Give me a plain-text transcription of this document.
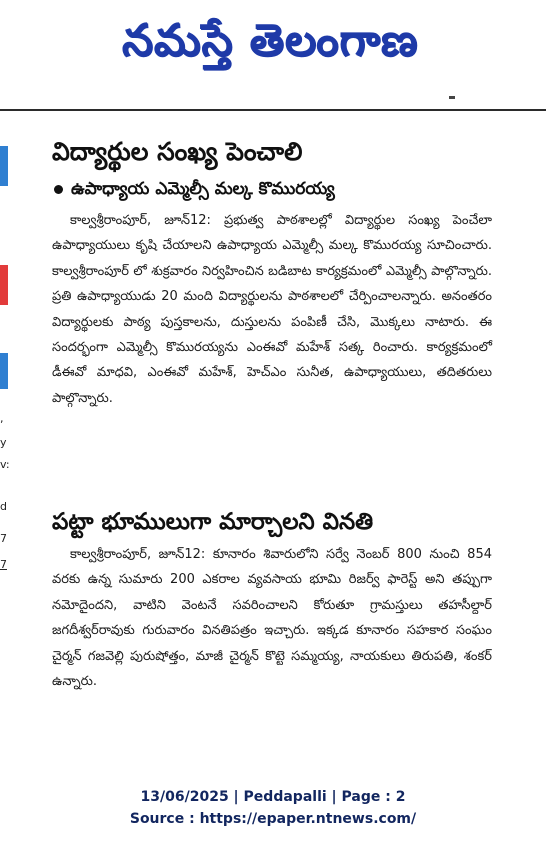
నమస్తే తెలంగాణ
,
y
v:
d
7
7
విద్యార్థుల సంఖ్య పెంచాలి
ఉపాధ్యాయ ఎమ్మెల్సీ మల్క కొమురయ్య

కాల్వశ్రీరాంపూర్, జూన్12: ప్రభుత్వ పాఠశాలల్లో విద్యార్థుల సంఖ్య పెంచేలా ఉపాధ్యాయులు కృషి చేయాలని ఉపాధ్యాయ ఎమ్మెల్సీ మల్క కొమురయ్య సూచించారు. కాల్వశ్రీరాంపూర్ లో శుక్రవారం నిర్వహించిన బడిబాట కార్యక్రమంలో ఎమ్మెల్సీ పాల్గొన్నారు. ప్రతి ఉపాధ్యాయుడు 20 మంది విద్యార్థులను పాఠశాలలో చేర్పించాలన్నారు. అనంతరం విద్యార్థులకు పాఠ్య పుస్తకాలను, దుస్తులను పంపిణీ చేసి, మొక్కలు నాటారు. ఈ సందర్భంగా ఎమ్మెల్సీ కొమురయ్యను ఎంఈవో మహేశ్ సత్క రించారు. కార్యక్రమంలో డీఈవో మాధవి, ఎంఈవో మహేశ్, హెచ్ఎం సునీత, ఉపాధ్యాయులు, తదితరులు పాల్గొన్నారు.

పట్టా భూములుగా మార్చాలని వినతి

కాల్వశ్రీరాంపూర్, జూన్12: కూనారం శివారులోని సర్వే నెంబర్ 800 నుంచి 854 వరకు ఉన్న సుమారు 200 ఎకరాల వ్యవసాయ భూమి రిజర్వ్ ఫారెస్ట్ అని తప్పుగా నమోదైందని, వాటిని వెంటనే సవరించాలని కోరుతూ గ్రామస్తులు తహసీల్దార్ జగదీశ్వర్‌రావుకు గురువారం వినతిపత్రం ఇచ్చారు. ఇక్కడ కూనారం సహకార సంఘం చైర్మన్ గజవెల్లి పురుషోత్తం, మాజీ చైర్మన్ కొట్టె సమ్మయ్య, నాయకులు తిరుపతి, శంకర్ ఉన్నారు.

13/06/2025 | Peddapalli | Page : 2
Source : https://epaper.ntnews.com/
